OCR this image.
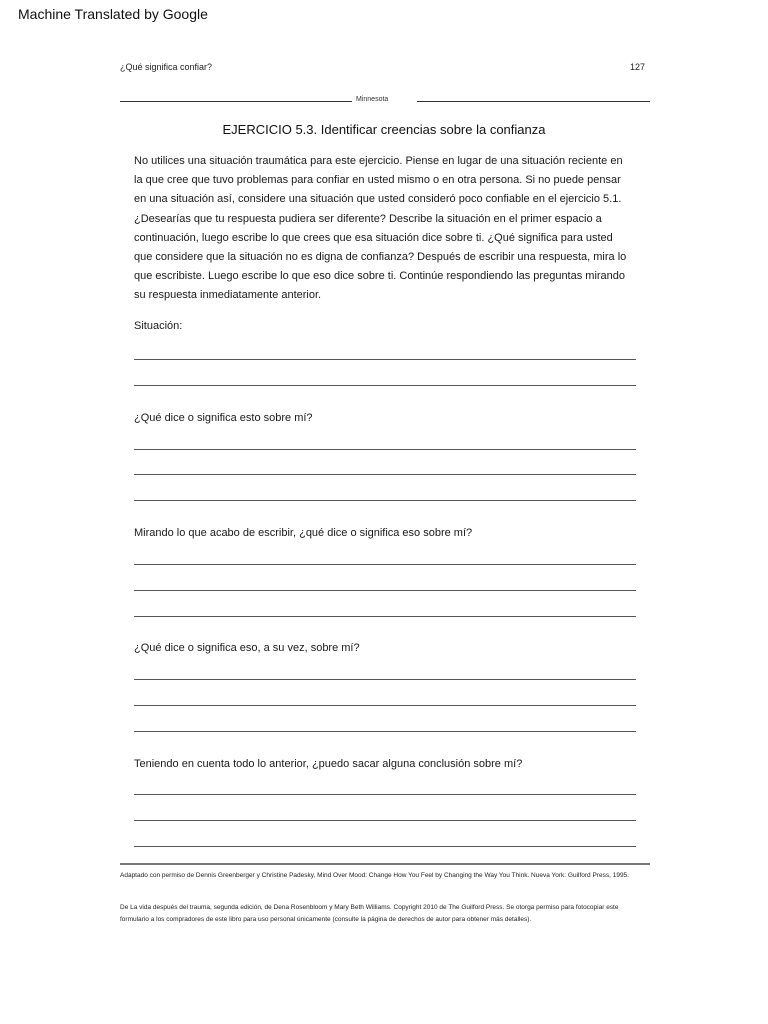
Machine Translated by Google
¿Qué significa confiar?	127
Minnesota
EJERCICIO 5.3. Identificar creencias sobre la confianza
No utilices una situación traumática para este ejercicio. Piense en lugar de una situación reciente en la que cree que tuvo problemas para confiar en usted mismo o en otra persona. Si no puede pensar en una situación así, considere una situación que usted consideró poco confiable en el ejercicio 5.1. ¿Desearías que tu respuesta pudiera ser diferente? Describe la situación en el primer espacio a continuación, luego escribe lo que crees que esa situación dice sobre ti. ¿Qué significa para usted que considere que la situación no es digna de confianza? Después de escribir una respuesta, mira lo que escribiste. Luego escribe lo que eso dice sobre ti. Continúe respondiendo las preguntas mirando su respuesta inmediatamente anterior.
Situación:
¿Qué dice o significa esto sobre mí?
Mirando lo que acabo de escribir, ¿qué dice o significa eso sobre mí?
¿Qué dice o significa eso, a su vez, sobre mí?
Teniendo en cuenta todo lo anterior, ¿puedo sacar alguna conclusión sobre mí?
Adaptado con permiso de Dennis Greenberger y Christine Padesky, Mind Over Mood: Change How You Feel by Changing the Way You Think. Nueva York: Guilford Press, 1995.
De La vida después del trauma, segunda edición, de Dena Rosenbloom y Mary Beth Williams. Copyright 2010 de The Guilford Press. Se otorga permiso para fotocopiar este formulario a los compradores de este libro para uso personal únicamente (consulte la página de derechos de autor para obtener más detalles).
